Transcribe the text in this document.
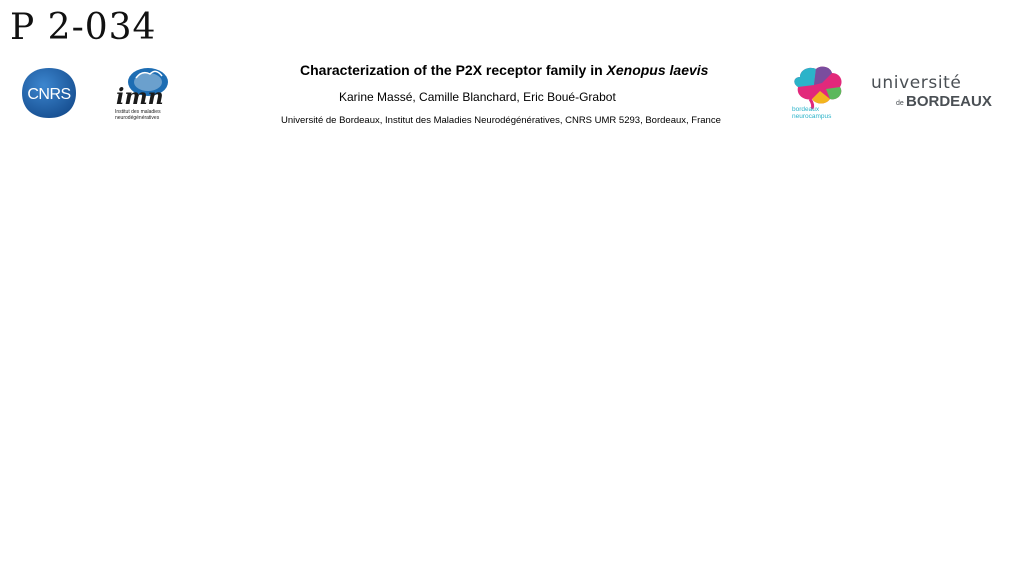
P 2-034
CNRS imn
Institut des maladies
neurodégénératives
Characterization of the P2X receptor family in Xenopus laevis
Karine Massé, Camille Blanchard, Eric Boué-Grabot
Université de Bordeaux, Institut des Maladies Neurodégénératives, CNRS UMR 5293, Bordeaux, France
bordeaux
neurocampus
université
de BORDEAUX
